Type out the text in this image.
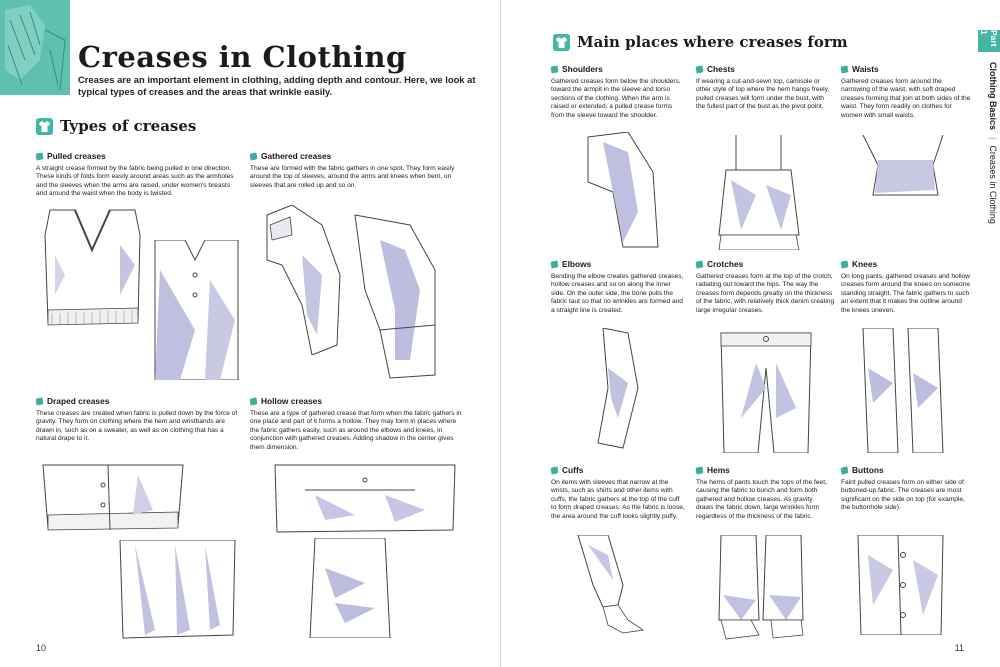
Creases in Clothing
Creases are an important element in clothing, adding depth and contour. Here, we look at typical types of creases and the areas that wrinkle easily.
Types of creases
Pulled creases
A straight crease formed by the fabric being pulled in one direction. These kinds of folds form easily around areas such as the armholes and the sleeves when the arms are raised, under women's breasts and around the waist when the body is twisted.
Gathered creases
These are formed with the fabric gathers in one spot. They form easily around the top of sleeves, around the arms and knees when bent, on sleeves that are rolled up and so on.
Draped creases
These creases are created when fabric is pulled down by the force of gravity. They form on clothing where the hem and wristbands are drawn in, such as on a sweater, as well as on clothing that has a natural drape to it.
Hollow creases
These are a type of gathered crease that form when the fabric gathers in one place and part of it forms a hollow. They may form in places where the fabric gathers easily, such as around the elbows and knees, in conjunction with gathered creases. Adding shadow in the center gives them dimension.
10
Main places where creases form
Shoulders
Gathered creases form below the shoulders, toward the armpit in the sleeve and torso sections of the clothing. When the arm is raised or extended, a pulled crease forms from the sleeve toward the shoulder.
Chests
If wearing a cut-and-sewn top, camisole or other style of top where the hem hangs freely, pulled creases will form under the bust, with the fullest part of the bust as the pivot point.
Waists
Gathered creases form around the narrowing of the waist, with soft draped creases forming that join at both sides of the waist. They form readily on clothes for women with small waists.
Elbows
Bending the elbow creates gathered creases, hollow creases and so on along the inner side. On the outer side, the bone pulls the fabric taut so that no wrinkles are formed and a straight line is created.
Crotches
Gathered creases form at the top of the crotch, radiating out toward the hips. The way the creases form depends greatly on the thickness of the fabric, with relatively thick denim creating large irregular creases.
Knees
On long pants, gathered creases and hollow creases form around the knees on someone standing straight. The fabric gathers to such an extent that it makes the outline around the knees uneven.
Cuffs
On items with sleeves that narrow at the wrists, such as shirts and other items with cuffs, the fabric gathers at the top of the cuff to form draped creases. As the fabric is loose, the area around the cuff looks slightly puffy.
Hems
The hems of pants touch the tops of the feet, causing the fabric to bunch and form both gathered and hollow creases. As gravity draws the fabric down, large wrinkles form regardless of the thickness of the fabric.
Buttons
Faint pulled creases form on either side of buttoned-up fabric. The creases are most significant on the side on top (for example, the buttonhole side).
Part 1
Clothing Basics | Creases in Clothing
11
